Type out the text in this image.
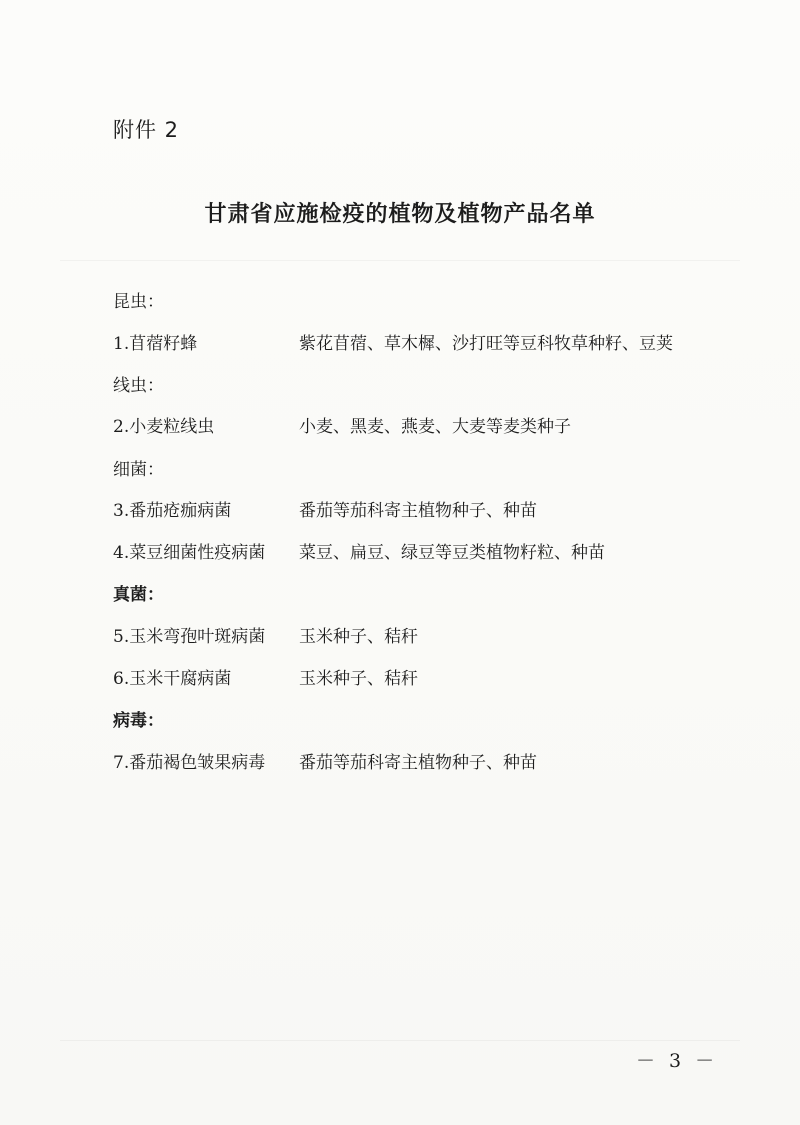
附件 2
甘肃省应施检疫的植物及植物产品名单
昆虫：
1.苜蓿籽蜂	紫花苜蓿、草木樨、沙打旺等豆科牧草种籽、豆荚
线虫：
2.小麦粒线虫	小麦、黑麦、燕麦、大麦等麦类种子
细菌：
3.番茄疮痂病菌	番茄等茄科寄主植物种子、种苗
4.菜豆细菌性疫病菌 菜豆、扁豆、绿豆等豆类植物籽粒、种苗
真菌：
5.玉米弯孢叶斑病菌 玉米种子、秸秆
6.玉米干腐病菌	玉米种子、秸秆
病毒：
7.番茄褐色皱果病毒 番茄等茄科寄主植物种子、种苗
－ 3 －
